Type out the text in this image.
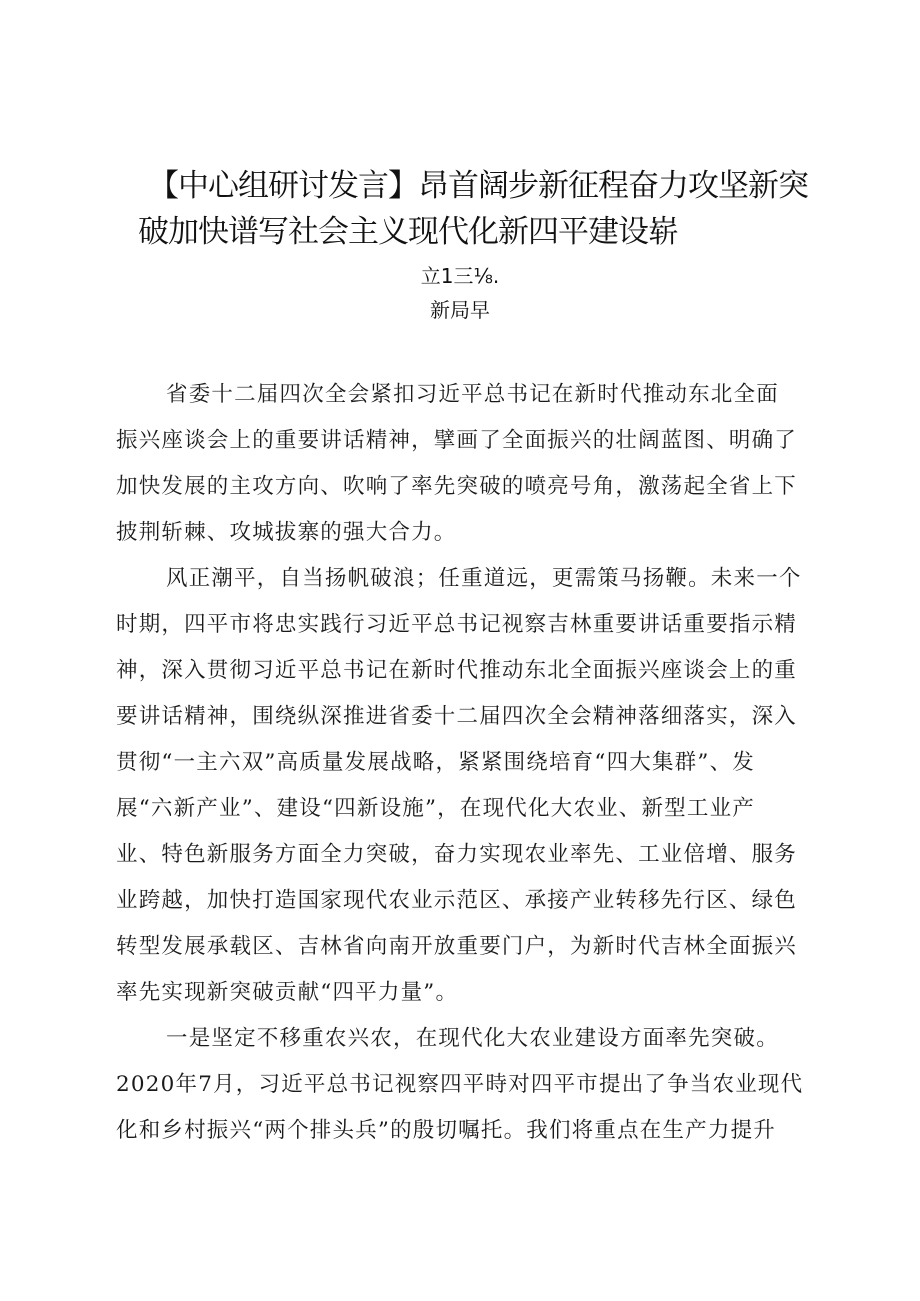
【中心组研讨发言】昂首阔步新征程奋力攻坚新突
破加快谱写社会主义现代化新四平建设崭
立1三⅛.
新局早
省委十二届四次全会紧扣习近平总书记在新时代推动东北全面
振兴座谈会上的重要讲话精神，擘画了全面振兴的壮阔蓝图、明确了
加快发展的主攻方向、吹响了率先突破的喷亮号角，激荡起全省上下
披荆斩棘、攻城拔寨的强大合力。
风正潮平，自当扬帆破浪；任重道远，更需策马扬鞭。未来一个
时期，四平市将忠实践行习近平总书记视察吉林重要讲话重要指示精
神，深入贯彻习近平总书记在新时代推动东北全面振兴座谈会上的重
要讲话精神，围绕纵深推进省委十二届四次全会精神落细落实，深入
贯彻“一主六双”高质量发展战略，紧紧围绕培育“四大集群”、发
展“六新产业”、建设“四新设施”，在现代化大农业、新型工业产
业、特色新服务方面全力突破，奋力实现农业率先、工业倍增、服务
业跨越，加快打造国家现代农业示范区、承接产业转移先行区、绿色
转型发展承载区、吉林省向南开放重要门户，为新时代吉林全面振兴
率先实现新突破贡献“四平力量”。
一是坚定不移重农兴农，在现代化大农业建设方面率先突破。
2020年7月，习近平总书记视察四平時对四平市提出了争当农业现代
化和乡村振兴“两个排头兵”的殷切嘱托。我们将重点在生产力提升
